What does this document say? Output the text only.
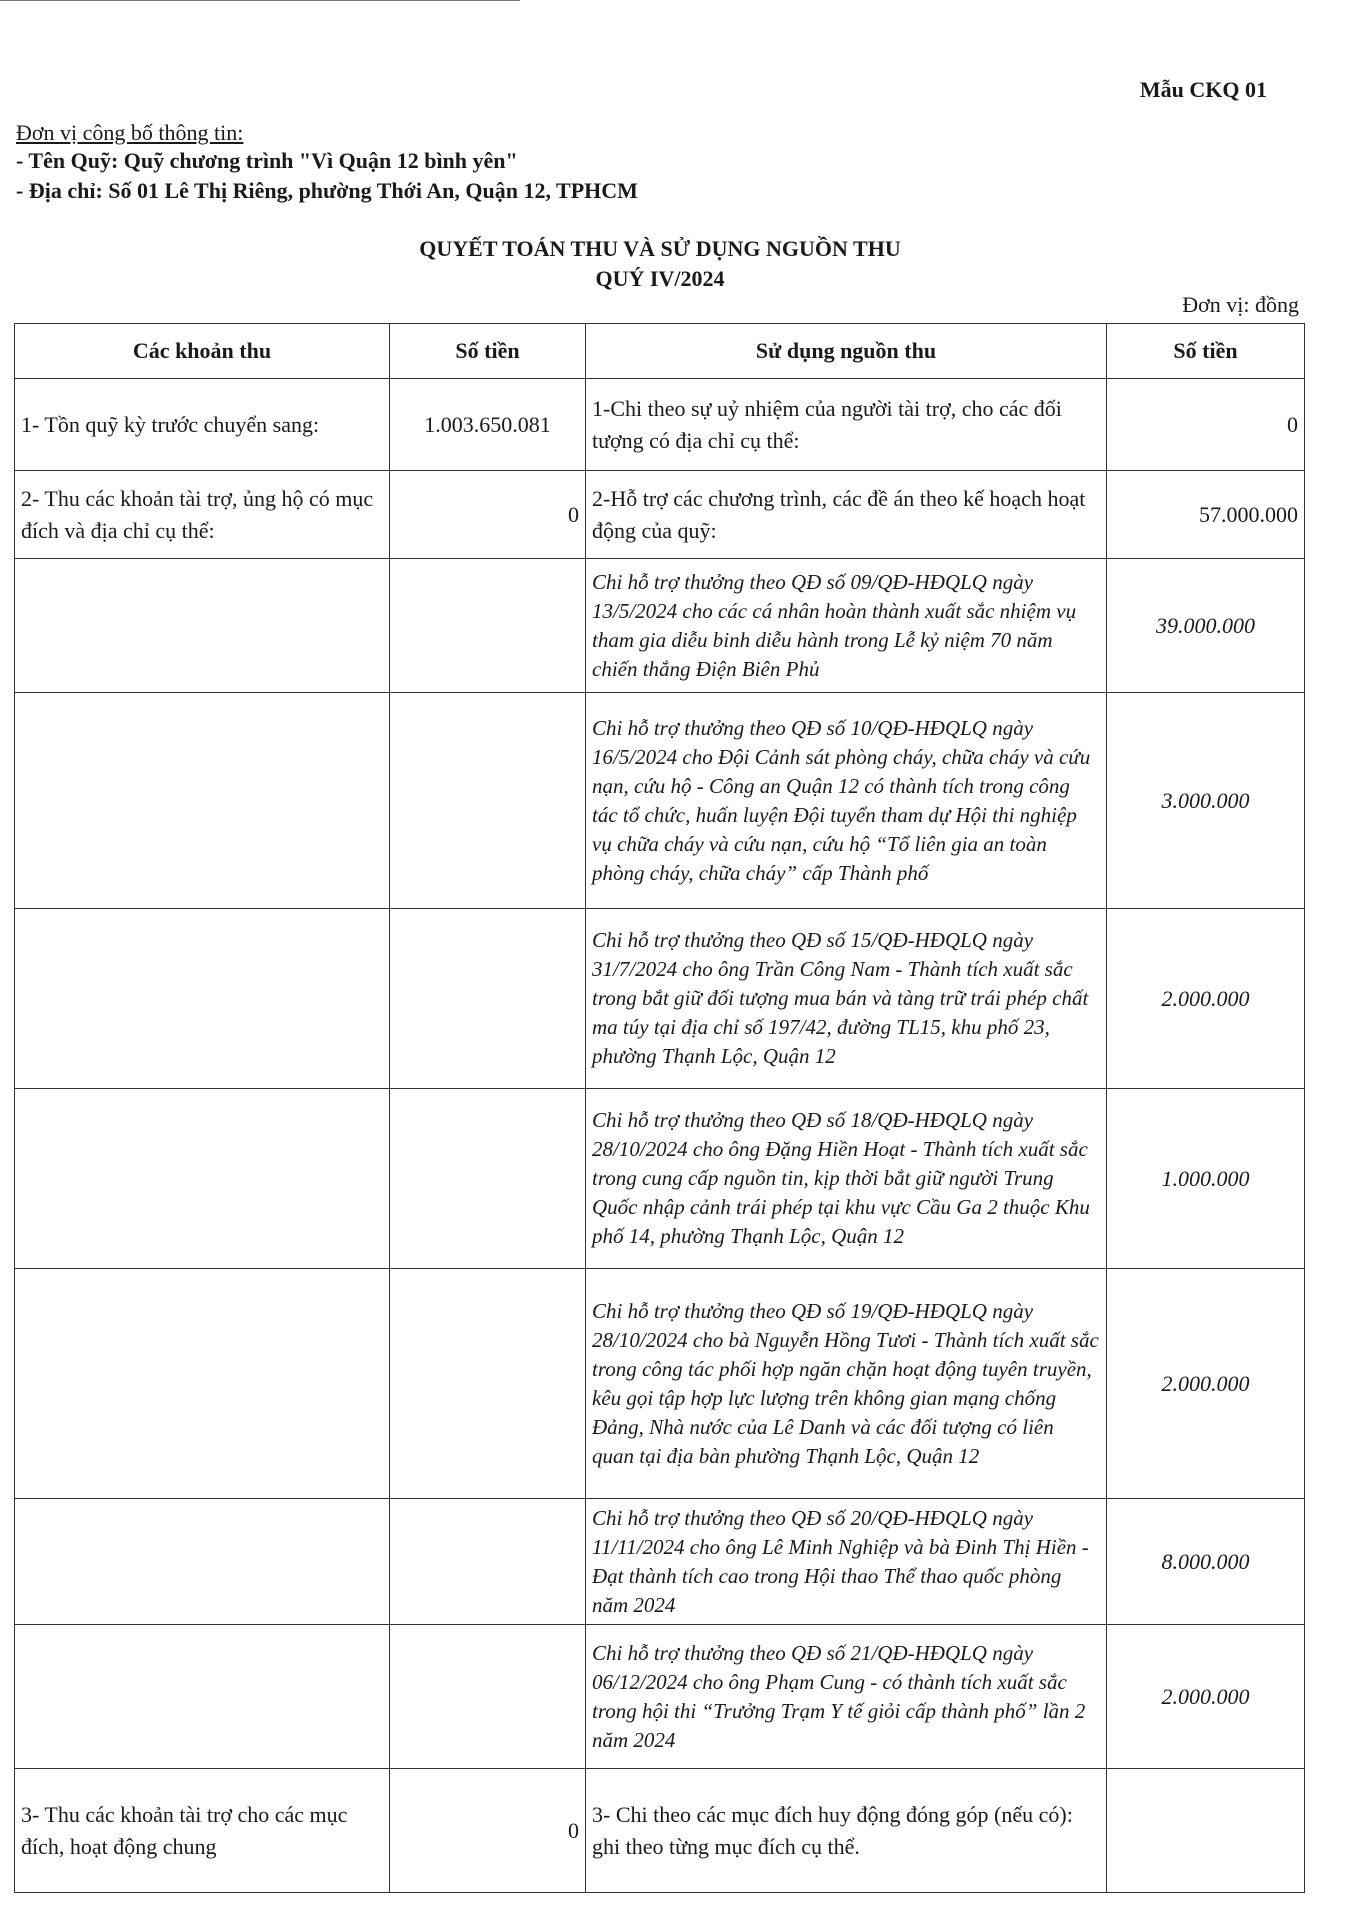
Mẫu CKQ 01
Đơn vị công bố thông tin:
- Tên Quỹ: Quỹ chương trình "Vì Quận 12 bình yên"
- Địa chỉ: Số 01 Lê Thị Riêng, phường Thới An, Quận 12, TPHCM
QUYẾT TOÁN THU VÀ SỬ DỤNG NGUỒN THU
QUÝ IV/2024
Đơn vị: đồng
Các khoản thu	Số tiền	Sử dụng nguồn thu	Số tiền
1- Tồn quỹ kỳ trước chuyển sang:	1.003.650.081	1-Chi theo sự uỷ nhiệm của người tài trợ, cho các đối tượng có địa chỉ cụ thể:	0
2- Thu các khoản tài trợ, ủng hộ có mục đích và địa chỉ cụ thể:	0	2-Hỗ trợ các chương trình, các đề án theo kế hoạch hoạt động của quỹ:	57.000.000
		Chi hỗ trợ thưởng theo QĐ số 09/QĐ-HĐQLQ ngày 13/5/2024 cho các cá nhân hoàn thành xuất sắc nhiệm vụ tham gia diễu binh diễu hành trong Lễ kỷ niệm 70 năm chiến thắng Điện Biên Phủ	39.000.000
		Chi hỗ trợ thưởng theo QĐ số 10/QĐ-HĐQLQ ngày 16/5/2024 cho Đội Cảnh sát phòng cháy, chữa cháy và cứu nạn, cứu hộ - Công an Quận 12 có thành tích trong công tác tổ chức, huấn luyện Đội tuyển tham dự Hội thi nghiệp vụ chữa cháy và cứu nạn, cứu hộ “Tổ liên gia an toàn phòng cháy, chữa cháy” cấp Thành phố	3.000.000
		Chi hỗ trợ thưởng theo QĐ số 15/QĐ-HĐQLQ ngày 31/7/2024 cho ông Trần Công Nam - Thành tích xuất sắc trong bắt giữ đối tượng mua bán và tàng trữ trái phép chất ma túy tại địa chỉ số 197/42, đường TL15, khu phố 23, phường Thạnh Lộc, Quận 12	2.000.000
		Chi hỗ trợ thưởng theo QĐ số 18/QĐ-HĐQLQ ngày 28/10/2024 cho ông Đặng Hiền Hoạt - Thành tích xuất sắc trong cung cấp nguồn tin, kịp thời bắt giữ người Trung Quốc nhập cảnh trái phép tại khu vực Cầu Ga 2 thuộc Khu phố 14, phường Thạnh Lộc, Quận 12	1.000.000
		Chi hỗ trợ thưởng theo QĐ số 19/QĐ-HĐQLQ ngày 28/10/2024 cho bà Nguyễn Hồng Tươi - Thành tích xuất sắc trong công tác phối hợp ngăn chặn hoạt động tuyên truyền, kêu gọi tập hợp lực lượng trên không gian mạng chống Đảng, Nhà nước của Lê Danh và các đối tượng có liên quan tại địa bàn phường Thạnh Lộc, Quận 12	2.000.000
		Chi hỗ trợ thưởng theo QĐ số 20/QĐ-HĐQLQ ngày 11/11/2024 cho ông Lê Minh Nghiệp và bà Đinh Thị Hiền - Đạt thành tích cao trong Hội thao Thể thao quốc phòng năm 2024	8.000.000
		Chi hỗ trợ thưởng theo QĐ số 21/QĐ-HĐQLQ ngày 06/12/2024 cho ông Phạm Cung - có thành tích xuất sắc trong hội thi “Trưởng Trạm Y tế giỏi cấp thành phố” lần 2 năm 2024	2.000.000
3- Thu các khoản tài trợ cho các mục đích, hoạt động chung	0	3- Chi theo các mục đích huy động đóng góp (nếu có): ghi theo từng mục đích cụ thể.	
